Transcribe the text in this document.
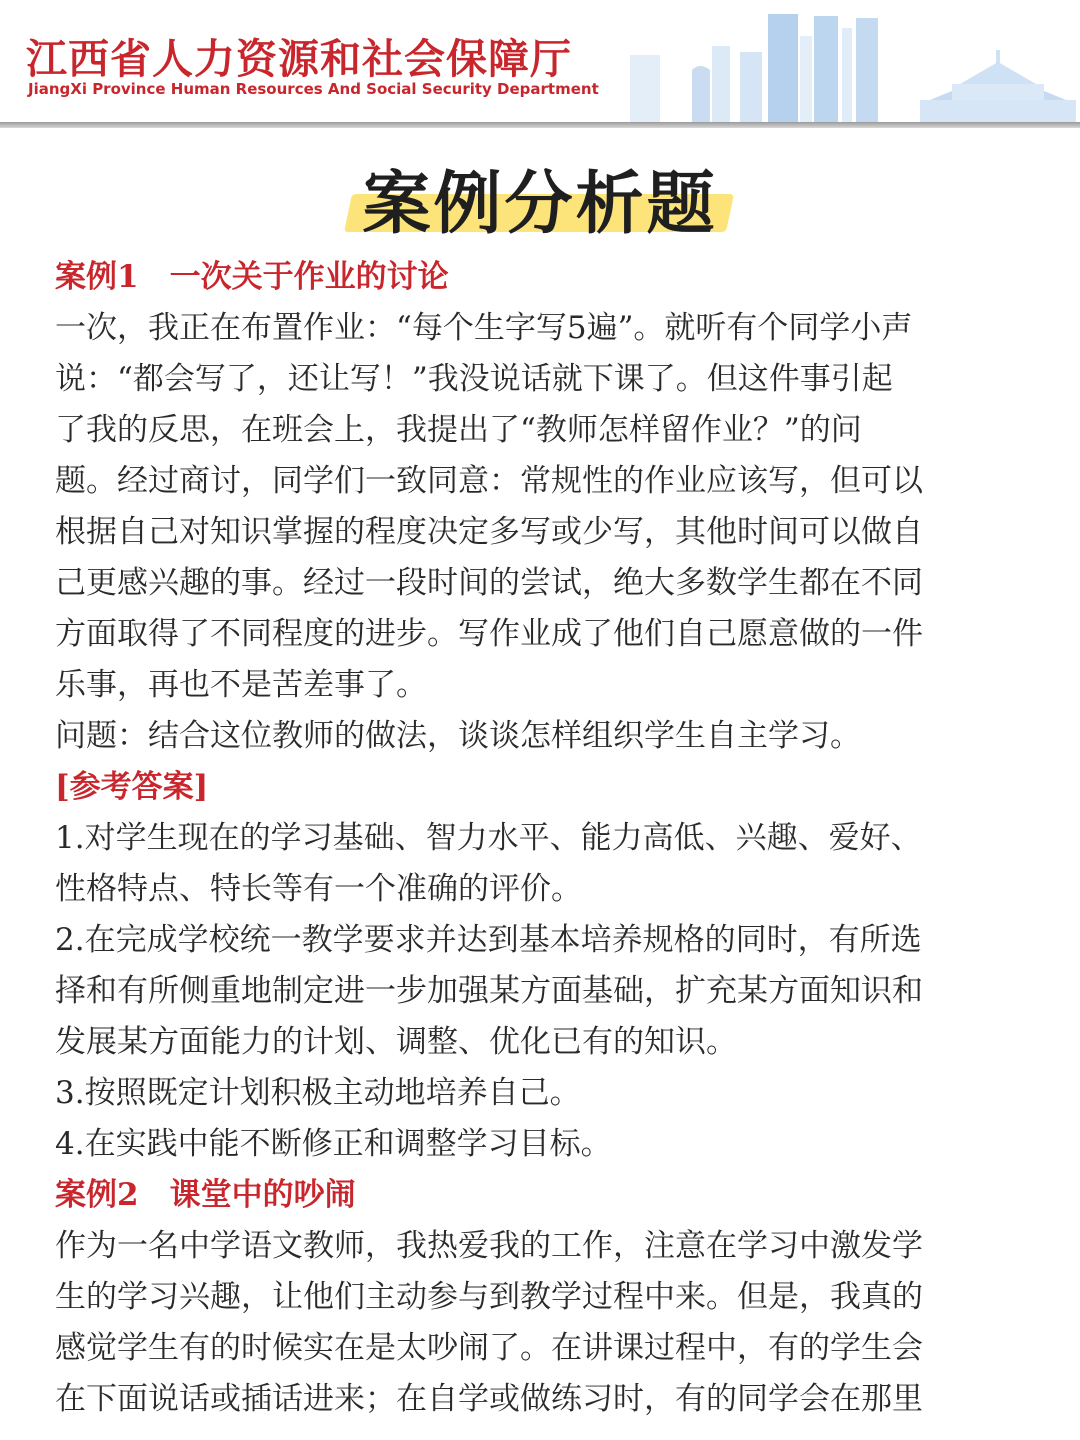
江西省人力资源和社会保障厅
JiangXi Province Human Resources And Social Security Department
案例分析题

案例1　一次关于作业的讨论

一次，我正在布置作业：“每个生字写5遍”。就听有个同学小声

说：“都会写了，还让写！”我没说话就下课了。但这件事引起

了我的反思，在班会上，我提出了“教师怎样留作业？”的问

题。经过商讨，同学们一致同意：常规性的作业应该写，但可以

根据自己对知识掌握的程度决定多写或少写，其他时间可以做自

己更感兴趣的事。经过一段时间的尝试，绝大多数学生都在不同

方面取得了不同程度的进步。写作业成了他们自己愿意做的一件

乐事，再也不是苦差事了。

问题：结合这位教师的做法，谈谈怎样组织学生自主学习。

[参考答案]

1.对学生现在的学习基础、智力水平、能力高低、兴趣、爱好、

性格特点、特长等有一个准确的评价。

2.在完成学校统一教学要求并达到基本培养规格的同时，有所选

择和有所侧重地制定进一步加强某方面基础，扩充某方面知识和

发展某方面能力的计划、调整、优化已有的知识。

3.按照既定计划积极主动地培养自己。

4.在实践中能不断修正和调整学习目标。

案例2　课堂中的吵闹

作为一名中学语文教师，我热爱我的工作，注意在学习中激发学

生的学习兴趣，让他们主动参与到教学过程中来。但是，我真的

感觉学生有的时候实在是太吵闹了。在讲课过程中，有的学生会

在下面说话或插话进来；在自学或做练习时，有的同学会在那里
